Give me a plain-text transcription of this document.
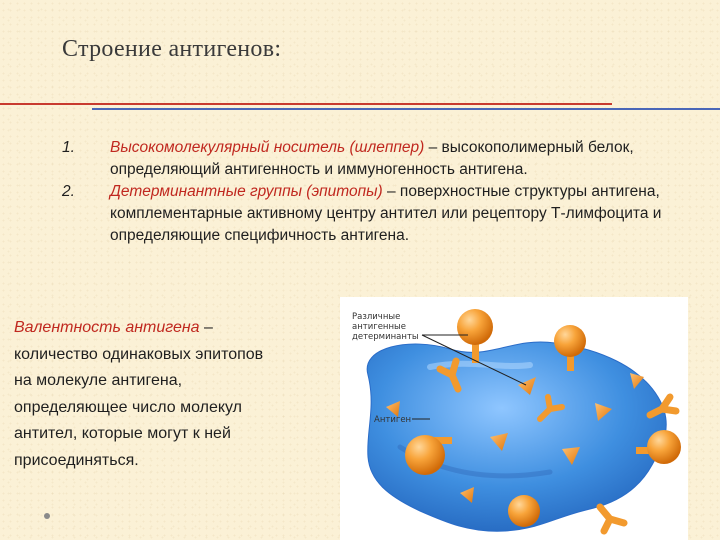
Строение антигенов:
1. Высокомолекулярный носитель (шлеппер) – высокополимерный белок, определяющий антигенность и иммуногенность антигена.
2. Детерминантные группы (эпитопы) – поверхностные структуры антигена, комплементарные активному центру антител или рецептору Т-лимфоцита и определяющие специфичность антигена.
Валентность антигена – количество одинаковых эпитопов на молекуле антигена, определяющее число молекул антител, которые могут к ней присоединяться.
Различные
антигенные
детерминанты
Антиген
